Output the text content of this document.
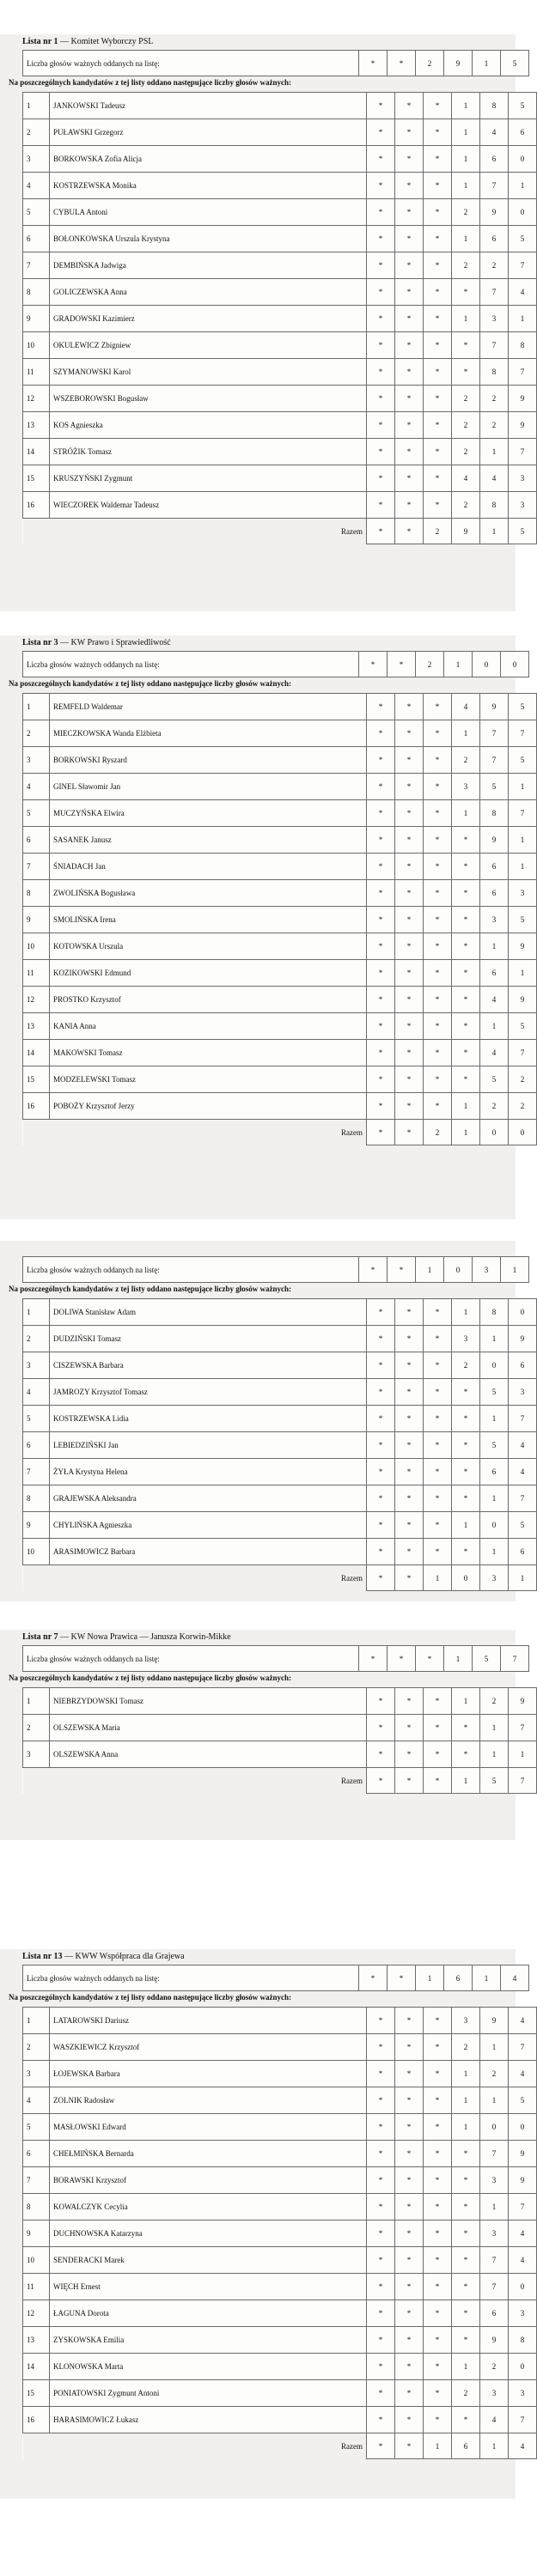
Lista nr 1 — Komitet Wyborczy PSL
Liczba głosów ważnych oddanych na listę:	*	*	2	9	1	5
Na poszczególnych kandydatów z tej listy oddano następujące liczby głosów ważnych:
1	JANKOWSKI Tadeusz	*	*	*	1	8	5
2	PUŁAWSKI Grzegorz	*	*	*	1	4	6
3	BORKOWSKA Zofia Alicja	*	*	*	1	6	0
4	KOSTRZEWSKA Monika	*	*	*	1	7	1
5	CYBULA Antoni	*	*	*	2	9	0
6	BOŁONKOWSKA Urszula Krystyna	*	*	*	1	6	5
7	DEMBIŃSKA Jadwiga	*	*	*	2	2	7
8	GOLICZEWSKA Anna	*	*	*	*	7	4
9	GRADOWSKI Kazimierz	*	*	*	1	3	1
10	OKULEWICZ Zbigniew	*	*	*	*	7	8
11	SZYMANOWSKI Karol	*	*	*	*	8	7
12	WSZEBOROWSKI Bogusław	*	*	*	2	2	9
13	KOS Agnieszka	*	*	*	2	2	9
14	STRÓŻIK Tomasz	*	*	*	2	1	7
15	KRUSZYŃSKI Zygmunt	*	*	*	4	4	3
16	WIECZOREK Waldemar Tadeusz	*	*	*	2	8	3
	Razem	*	*	2	9	1	5
Lista nr 3 — KW Prawo i Sprawiedliwość
Liczba głosów ważnych oddanych na listę:	*	*	2	1	0	0
Na poszczególnych kandydatów z tej listy oddano następujące liczby głosów ważnych:
1	REMFELD Waldemar	*	*	*	4	9	5
2	MIECZKOWSKA Wanda Elżbieta	*	*	*	1	7	7
3	BORKOWSKI Ryszard	*	*	*	2	7	5
4	GINEL Sławomir Jan	*	*	*	3	5	1
5	MUCZYŃSKA Elwira	*	*	*	1	8	7
6	SASANEK Janusz	*	*	*	*	9	1
7	ŚNIADACH Jan	*	*	*	*	6	1
8	ZWOLIŃSKA Bogusława	*	*	*	*	6	3
9	SMOLIŃSKA Irena	*	*	*	*	3	5
10	KOTOWSKA Urszula	*	*	*	*	1	9
11	KOZIKOWSKI Edmund	*	*	*	*	6	1
12	PROSTKO Krzysztof	*	*	*	*	4	9
13	KANIA Anna	*	*	*	*	1	5
14	MAKOWSKI Tomasz	*	*	*	*	4	7
15	MODZELEWSKI Tomasz	*	*	*	*	5	2
16	POBOŻY Krzysztof Jerzy	*	*	*	1	2	2
	Razem	*	*	2	1	0	0
Liczba głosów ważnych oddanych na listę:	*	*	1	0	3	1
Na poszczególnych kandydatów z tej listy oddano następujące liczby głosów ważnych:
1	DOLIWA Stanisław Adam	*	*	*	1	8	0
2	DUDZIŃSKI Tomasz	*	*	*	3	1	9
3	CISZEWSKA Barbara	*	*	*	2	0	6
4	JAMROZY Krzysztof Tomasz	*	*	*	*	5	3
5	KOSTRZEWSKA Lidia	*	*	*	*	1	7
6	LEBIEDZIŃSKI Jan	*	*	*	*	5	4
7	ŻYŁA Krystyna Helena	*	*	*	*	6	4
8	GRAJEWSKA Aleksandra	*	*	*	*	1	7
9	CHYLIŃSKA Agnieszka	*	*	*	1	0	5
10	ARASIMOWICZ Barbara	*	*	*	*	1	6
	Razem	*	*	1	0	3	1
Lista nr 7 — KW Nowa Prawica — Janusza Korwin-Mikke
Liczba głosów ważnych oddanych na listę:	*	*	*	1	5	7
Na poszczególnych kandydatów z tej listy oddano następujące liczby głosów ważnych:
1	NIEBRZYDOWSKI Tomasz	*	*	*	1	2	9
2	OLSZEWSKA Maria	*	*	*	*	1	7
3	OLSZEWSKA Anna	*	*	*	*	1	1
	Razem	*	*	*	1	5	7
Lista nr 13 — KWW Współpraca dla Grajewa
Liczba głosów ważnych oddanych na listę:	*	*	1	6	1	4
Na poszczególnych kandydatów z tej listy oddano następujące liczby głosów ważnych:
1	LATAROWSKI Dariusz	*	*	*	3	9	4
2	WASZKIEWICZ Krzysztof	*	*	*	2	1	7
3	ŁOJEWSKA Barbara	*	*	*	1	2	4
4	ZOLNIK Radosław	*	*	*	1	1	5
5	MASŁOWSKI Edward	*	*	*	1	0	0
6	CHEŁMIŃSKA Bernarda	*	*	*	*	7	9
7	BORAWSKI Krzysztof	*	*	*	*	3	9
8	KOWALCZYK Cecylia	*	*	*	*	1	7
9	DUCHNOWSKA Katarzyna	*	*	*	*	3	4
10	SENDERACKI Marek	*	*	*	*	7	4
11	WIĘCH Ernest	*	*	*	*	7	0
12	ŁAGUNA Dorota	*	*	*	*	6	3
13	ZYSKOWSKA Emilia	*	*	*	*	9	8
14	KLONOWSKA Marta	*	*	*	1	2	0
15	PONIATOWSKI Zygmunt Antoni	*	*	*	2	3	3
16	HARASIMOWICZ Łukasz	*	*	*	*	4	7
	Razem	*	*	1	6	1	4
